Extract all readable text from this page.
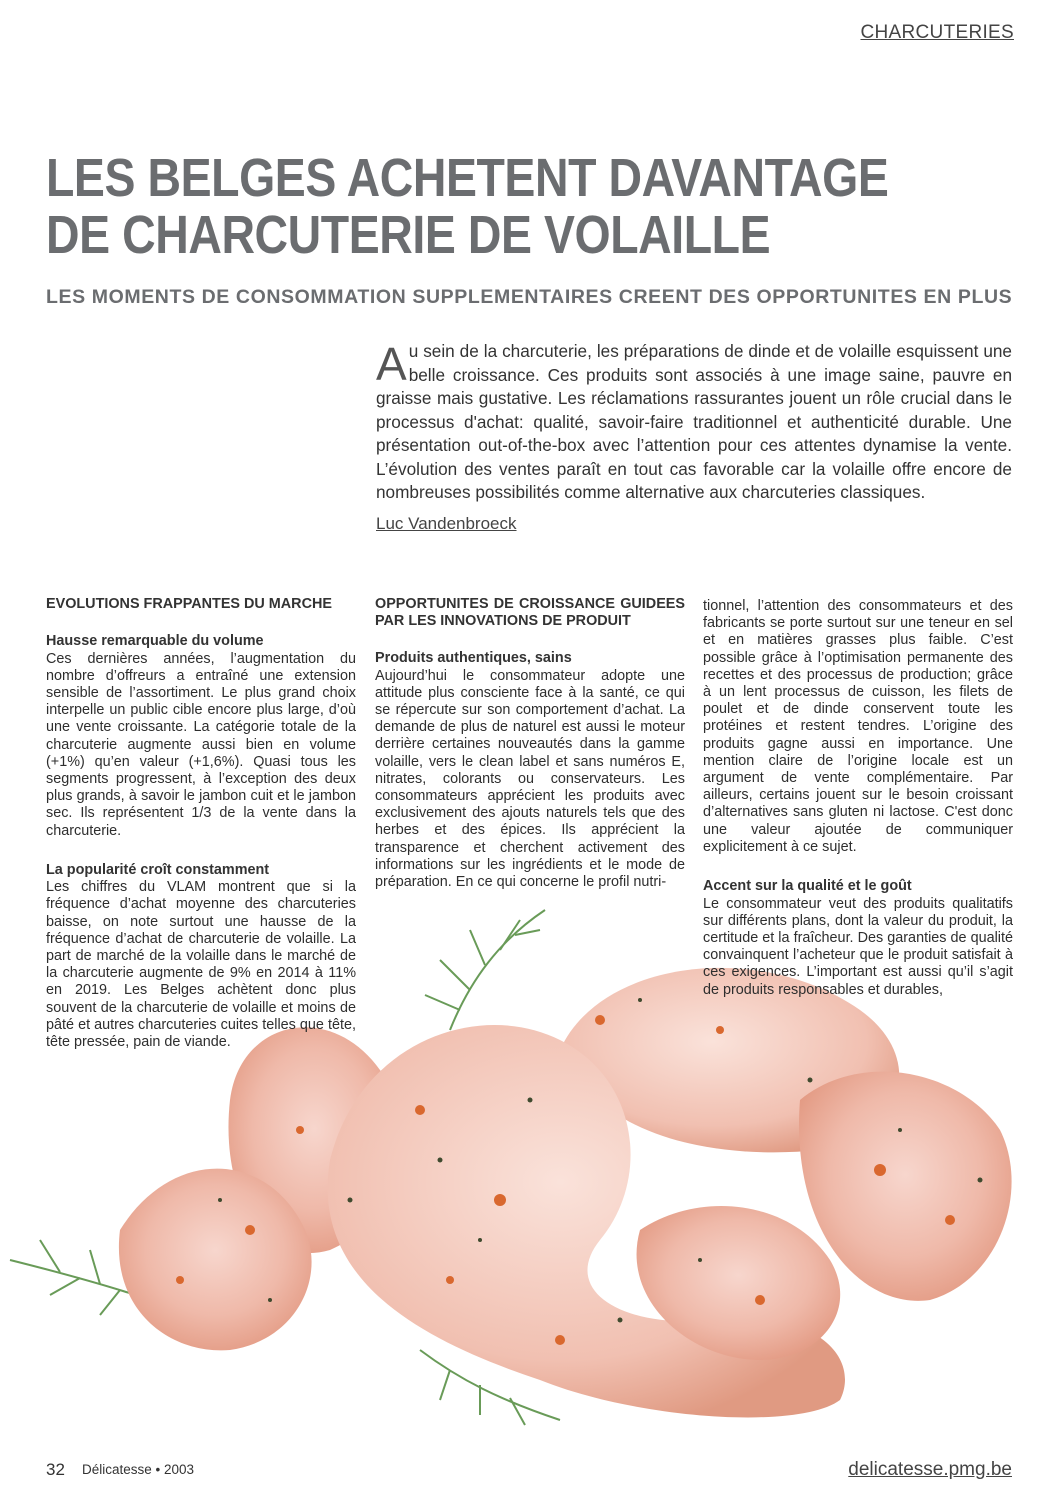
CHARCUTERIES
LES BELGES ACHETENT DAVANTAGE
DE CHARCUTERIE DE VOLAILLE
LES MOMENTS DE CONSOMMATION SUPPLEMENTAIRES CREENT DES OPPORTUNITES EN PLUS

Au sein de la charcuterie, les préparations de dinde et de volaille esquissent une belle croissance. Ces produits sont associés à une image saine, pauvre en graisse mais gustative. Les réclamations rassurantes jouent un rôle crucial dans le processus d'achat: qualité, savoir-faire traditionnel et authenticité durable. Une présentation out-of-the-box avec l’attention pour ces attentes dynamise la vente. L’évolution des ventes paraît en tout cas favorable car la volaille offre encore de nombreuses possibilités comme alternative aux charcuteries classiques.

Luc Vandenbroeck
EVOLUTIONS FRAPPANTES DU MARCHE
Hausse remarquable du volume

Ces dernières années, l’augmentation du nombre d’offreurs a entraîné une extension sensible de l’assortiment. Le plus grand choix interpelle un public cible encore plus large, d’où une vente croissante. La catégorie totale de la charcuterie augmente aussi bien en volume (+1%) qu’en valeur (+1,6%). Quasi tous les segments progressent, à l’exception des deux plus grands, à savoir le jambon cuit et le jambon sec. Ils représentent 1/3 de la vente dans la charcuterie.

La popularité croît constamment

Les chiffres du VLAM montrent que si la fréquence d’achat moyenne des charcuteries baisse, on note surtout une hausse de la fréquence d’achat de charcuterie de volaille. La part de marché de la volaille dans le marché de la charcuterie augmente de 9% en 2014 à 11% en 2019. Les Belges achètent donc plus souvent de la charcuterie de volaille et moins de pâté et autres charcuteries cuites telles que tête, tête pressée, pain de viande.

OPPORTUNITES DE CROISSANCE GUIDEES PAR LES INNOVATIONS DE PRODUIT
Produits authentiques, sains

Aujourd’hui le consommateur adopte une attitude plus consciente face à la santé, ce qui se répercute sur son comportement d’achat. La demande de plus de naturel est aussi le moteur derrière certaines nouveautés dans la gamme volaille, vers le clean label et sans numéros E, nitrates, colorants ou conservateurs. Les consommateurs apprécient les produits avec exclusivement des ajouts naturels tels que des herbes et des épices. Ils apprécient la transparence et cherchent activement des informations sur les ingrédients et le mode de préparation. En ce qui concerne le profil nutri-

tionnel, l’attention des consommateurs et des fabricants se porte surtout sur une teneur en sel et en matières grasses plus faible. C’est possible grâce à l’optimisation permanente des recettes et des processus de production; grâce à un lent processus de cuisson, les filets de poulet et de dinde conservent toute les protéines et restent tendres. L’origine des produits gagne aussi en importance. Une mention claire de l’origine locale est un argument de vente complémentaire. Par ailleurs, certains jouent sur le besoin croissant d’alternatives sans gluten ni lactose. C'est donc une valeur ajoutée de communiquer explicitement à ce sujet.

Accent sur la qualité et le goût

Le consommateur veut des produits qualitatifs sur différents plans, dont la valeur du produit, la certitude et la fraîcheur. Des garanties de qualité convainquent l’acheteur que le produit satisfait à ces exigences. L’important est aussi qu’il s’agit de produits responsables et durables,

32 Délicatesse • 2003	delicatesse.pmg.be
